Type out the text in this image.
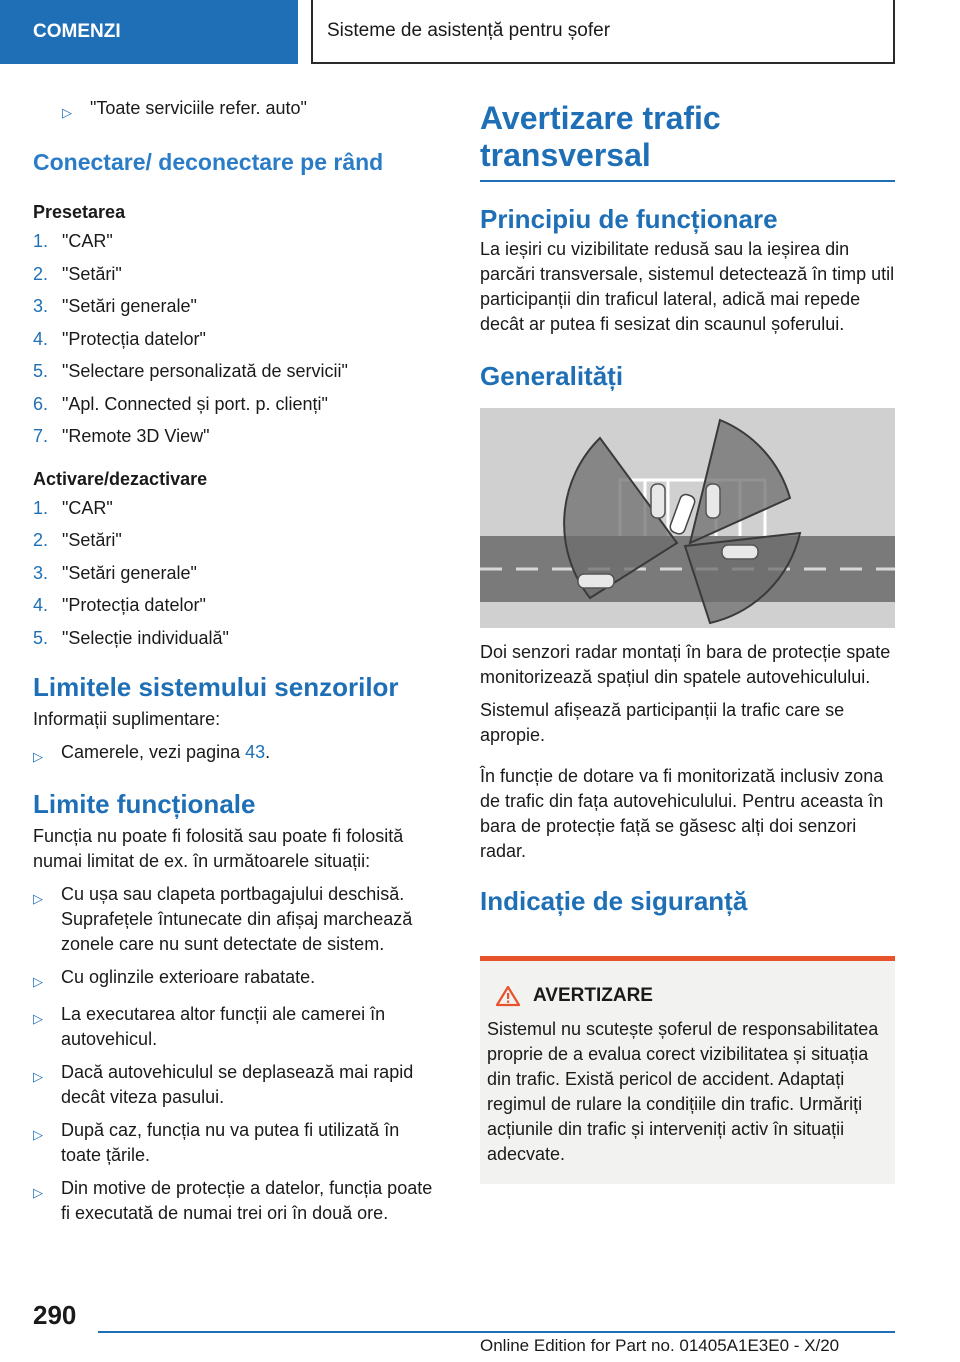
COMENZI	Sisteme de asistență pentru șofer
▷	"Toate serviciile refer. auto"

Conectare/ deconectare pe rând

Presetarea

1. "CAR"
2. "Setări"
3. "Setări generale"
4. "Protecția datelor"
5. "Selectare personalizată de servicii"
6. "Apl. Connected și port. p. clienți"
7. "Remote 3D View"

Activare/dezactivare

1. "CAR"
2. "Setări"
3. "Setări generale"
4. "Protecția datelor"
5. "Selecție individuală"

Limitele sistemului senzorilor

Informații suplimentare:

▷	Camerele, vezi pagina 43.

Limite funcționale

Funcția nu poate fi folosită sau poate fi folosită numai limitat de ex. în următoarele situații:

▷	Cu ușa sau clapeta portbagajului deschisă. Suprafețele întunecate din afișaj marchează zonele care nu sunt detectate de sistem.
▷	Cu oglinzile exterioare rabatate.
▷	La executarea altor funcții ale camerei în autovehicul.
▷	Dacă autovehiculul se deplasează mai rapid decât viteza pasului.
▷	După caz, funcția nu va putea fi utilizată în toate țările.
▷	Din motive de protecție a datelor, funcția poate fi executată de numai trei ori în două ore.

Avertizare trafic transversal

Principiu de funcționare

La ieșiri cu vizibilitate redusă sau la ieșirea din parcări transversale, sistemul detectează în timp util participanții din traficul lateral, adică mai repede decât ar putea fi sesizat din scaunul șoferului.

Generalități

Doi senzori radar montați în bara de protecție spate monitorizează spațiul din spatele autovehiculului.

Sistemul afișează participanții la trafic care se apropie.

În funcție de dotare va fi monitorizată inclusiv zona de trafic din fața autovehiculului. Pentru aceasta în bara de protecție față se găsesc alți doi senzori radar.

Indicație de siguranță

AVERTIZARE

Sistemul nu scutește șoferul de responsabilitatea proprie de a evalua corect vizibilitatea și situația din trafic. Există pericol de accident. Adaptați regimul de rulare la condițiile din trafic. Urmăriți acțiunile din trafic și interveniți activ în situații adecvate.

290
Online Edition for Part no. 01405A1E3E0 - X/20
